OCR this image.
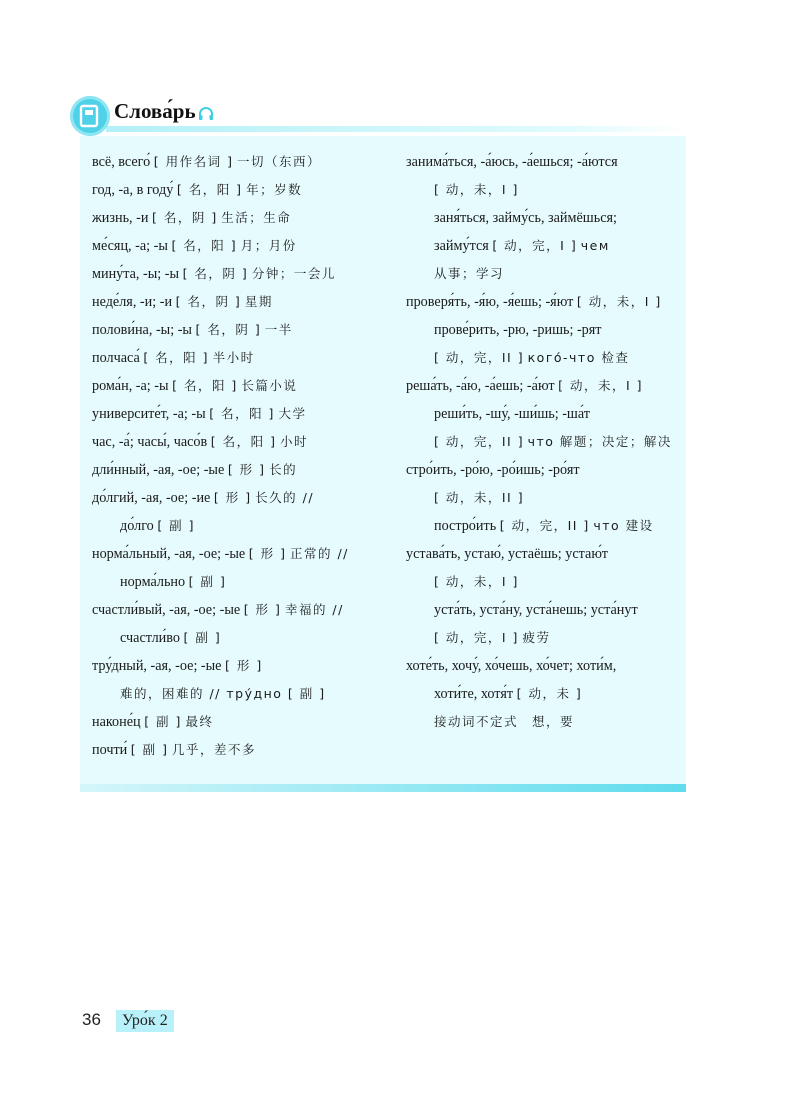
Слова́рь
всё, всего́ [ 用作名词 ] 一切（东西）
год, -а, в году́ [ 名，阳 ] 年；岁数
жизнь, -и [ 名，阴 ] 生活；生命
ме́сяц, -а; -ы [ 名，阳 ] 月；月份
мину́та, -ы; -ы [ 名，阴 ] 分钟；一会儿
неде́ля, -и; -и [ 名，阴 ] 星期
полови́на, -ы; -ы [ 名，阴 ] 一半
полчаса́ [ 名，阳 ] 半小时
рома́н, -а; -ы [ 名，阳 ] 长篇小说
университе́т, -а; -ы [ 名，阳 ] 大学
час, -а́; часы́, часо́в [ 名，阳 ] 小时
дли́нный, -ая, -ое; -ые [ 形 ] 长的
до́лгий, -ая, -ое; -ие [ 形 ] 长久的 //
до́лго [ 副 ]
норма́льный, -ая, -ое; -ые [ 形 ] 正常的 //
норма́льно [ 副 ]
счастли́вый, -ая, -ое; -ые [ 形 ] 幸福的 //
счастли́во [ 副 ]
тру́дный, -ая, -ое; -ые [ 形 ]
难的，困难的 // тру́дно [ 副 ]
наконе́ц [ 副 ] 最终
почти́ [ 副 ] 几乎，差不多
занима́ться, -а́юсь, -а́ешься; -а́ются
[ 动，未，I ]
заня́ться, займу́сь, займёшься;
займу́тся [ 动，完，I ] чем
从事；学习
проверя́ть, -я́ю, -я́ешь; -я́ют [ 动，未，I ]
прове́рить, -рю, -ришь; -рят
[ 动，完，II ] кого́-что 检查
реша́ть, -а́ю, -а́ешь; -а́ют [ 动，未，I ]
реши́ть, -шу́, -ши́шь; -ша́т
[ 动，完，II ] что 解题；决定；解决
стро́ить, -ро́ю, -ро́ишь; -ро́ят
[ 动，未，II ]
постро́ить [ 动，完，II ] что 建设
устава́ть, устаю́, устаёшь; устаю́т
[ 动，未，I ]
уста́ть, уста́ну, уста́нешь; уста́нут
[ 动，完，I ] 疲劳
хоте́ть, хочу́, хо́чешь, хо́чет; хоти́м,
хоти́те, хотя́т [ 动，未 ]
接动词不定式　想，要
36	Уро́к 2
